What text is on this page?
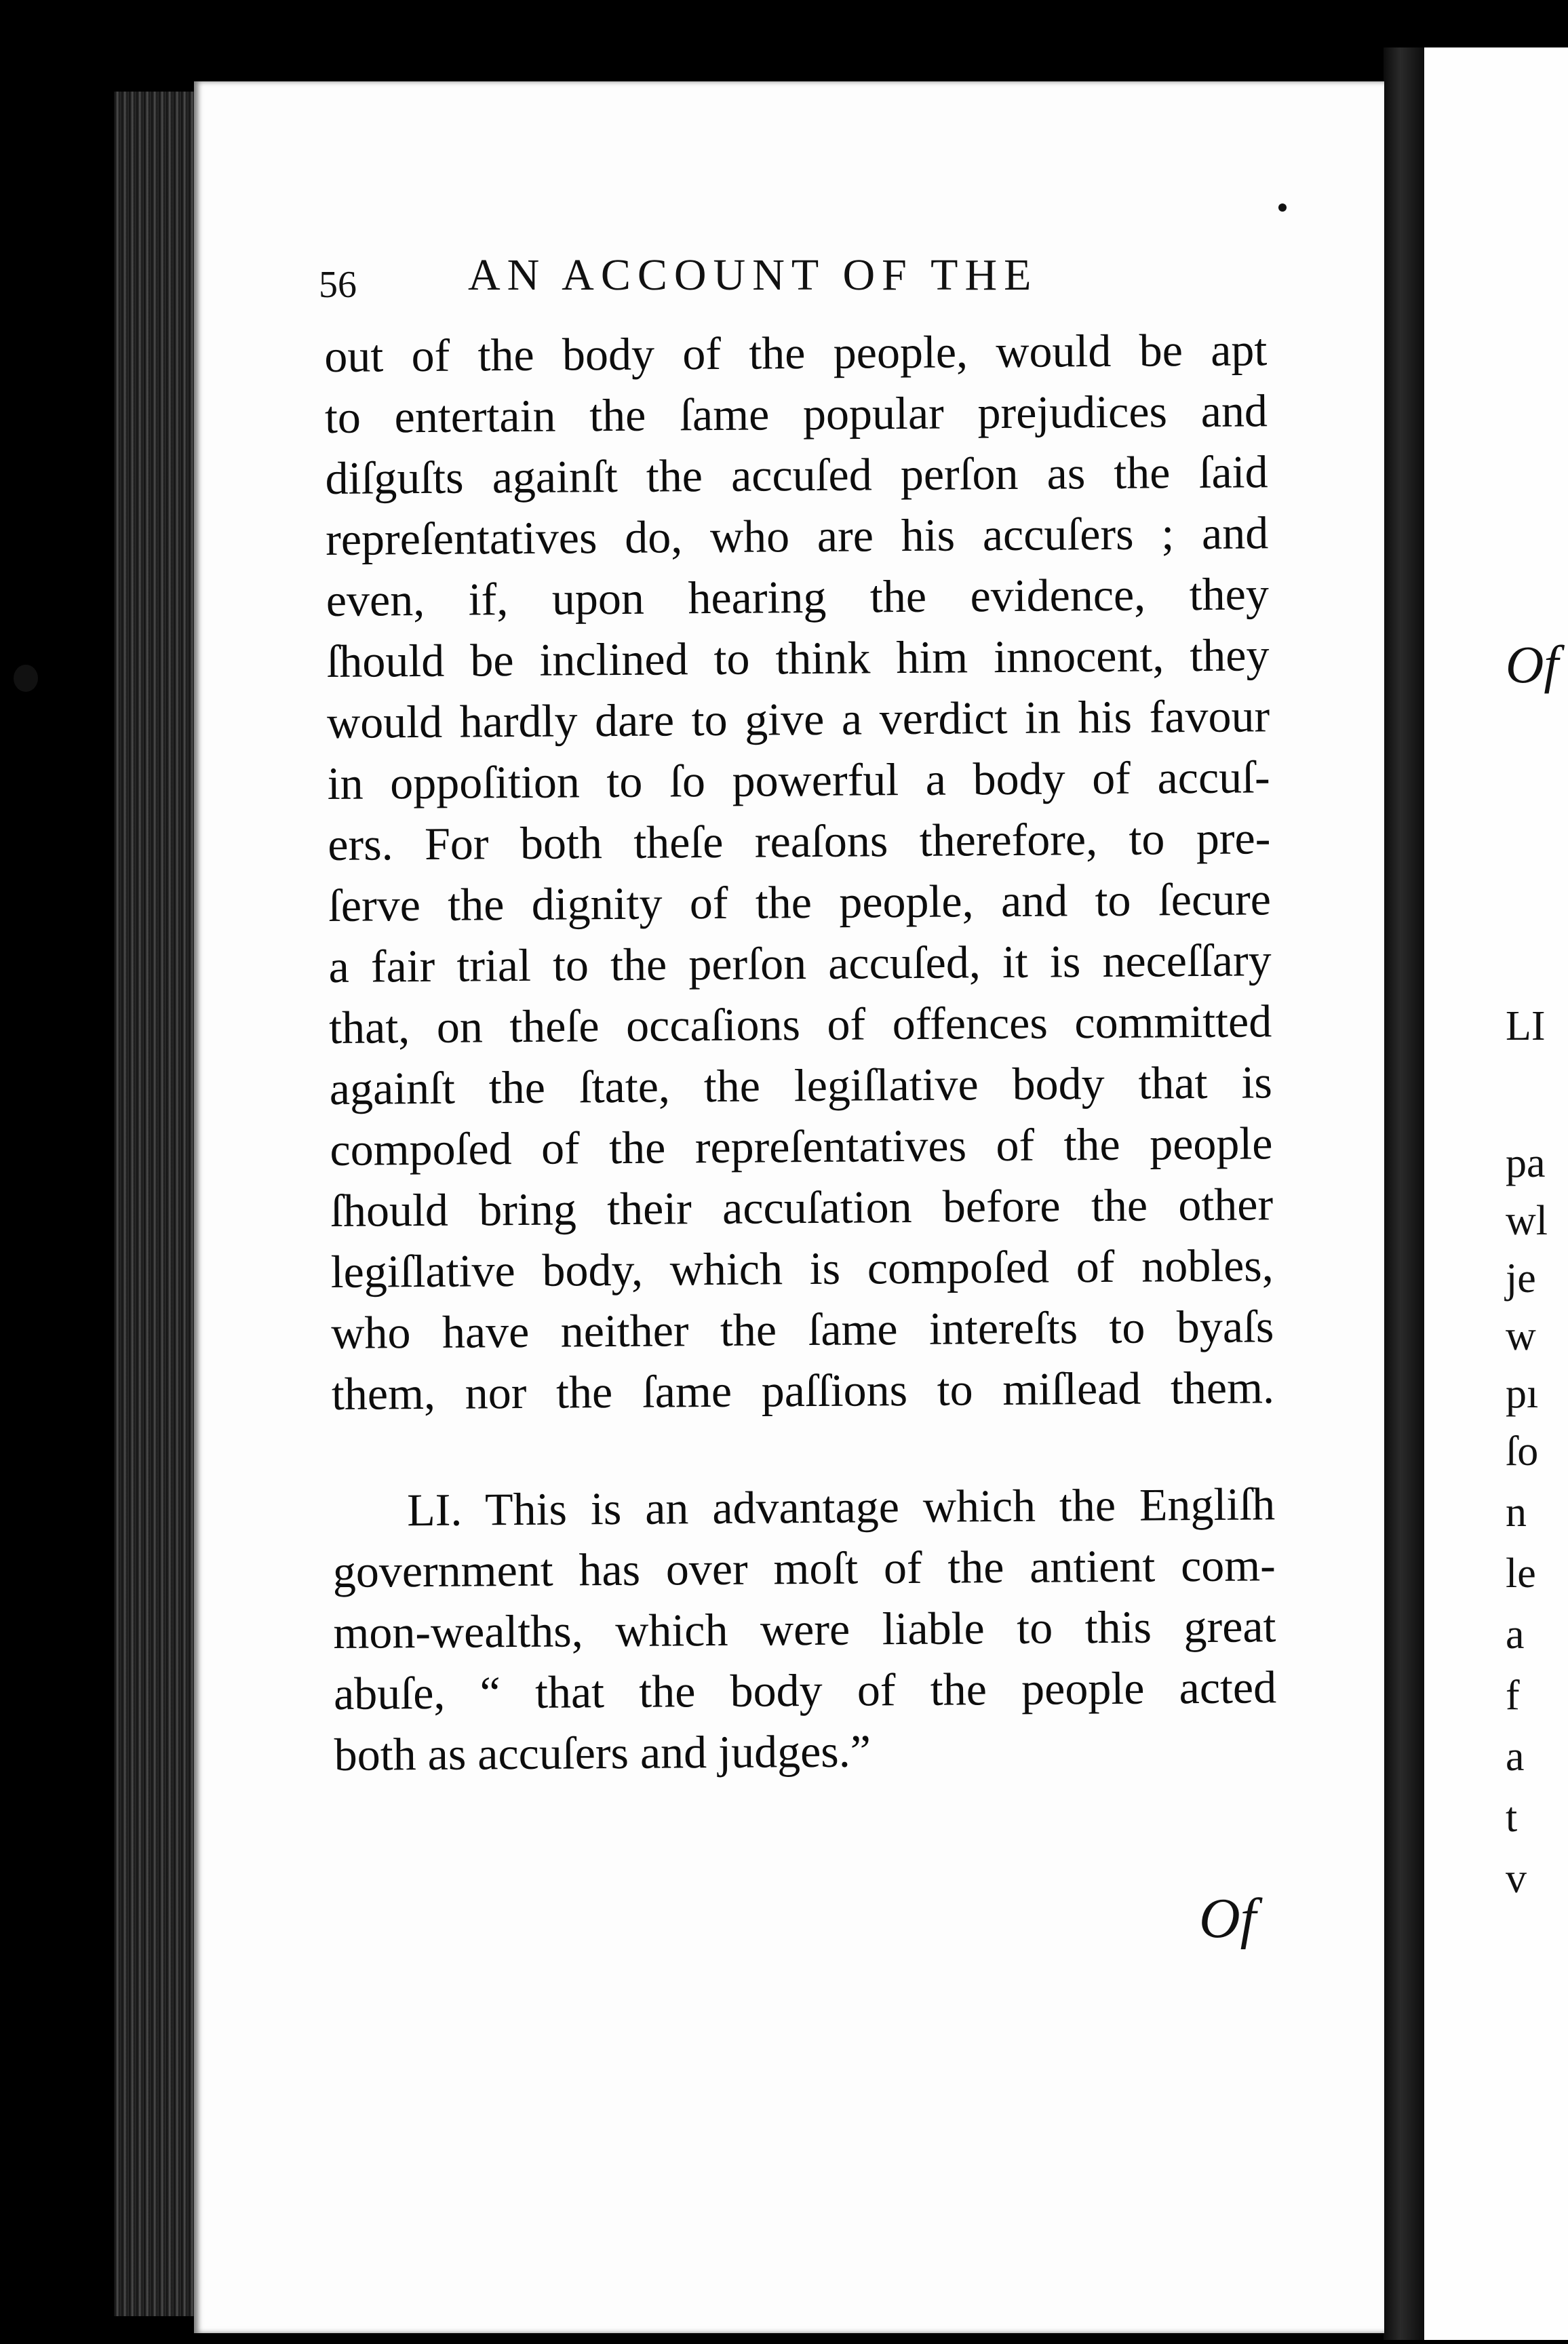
56 AN ACCOUNT OF THE
out of the body of the people, would be apt
to entertain the ſame popular prejudices and
diſguſts againſt the accuſed perſon as the ſaid
repreſentatives do, who are his accuſers ; and
even, if, upon hearing the evidence, they
ſhould be inclined to think him innocent, they
would hardly dare to give a verdict in his favour
in oppoſition to ſo powerful a body of accuſ-
ers. For both theſe reaſons therefore, to pre-
ſerve the dignity of the people, and to ſecure
a fair trial to the perſon accuſed, it is neceſſary
that, on theſe occaſions of offences committed
againſt the ſtate, the legiſlative body that is
compoſed of the repreſentatives of the people
ſhould bring their accuſation before the other
legiſlative body, which is compoſed of nobles,
who have neither the ſame intereſts to byaſs
them, nor the ſame paſſions to miſlead them.
LI. This is an advantage which the Engliſh
government has over moſt of the antient com-
mon-wealths, which were liable to this great
abuſe, “ that the body of the people acted
both as accuſers and judges.”
Of
Of
LI
pa
wl
je
w
pı
ſo
n
le
a
f
a
t
v
